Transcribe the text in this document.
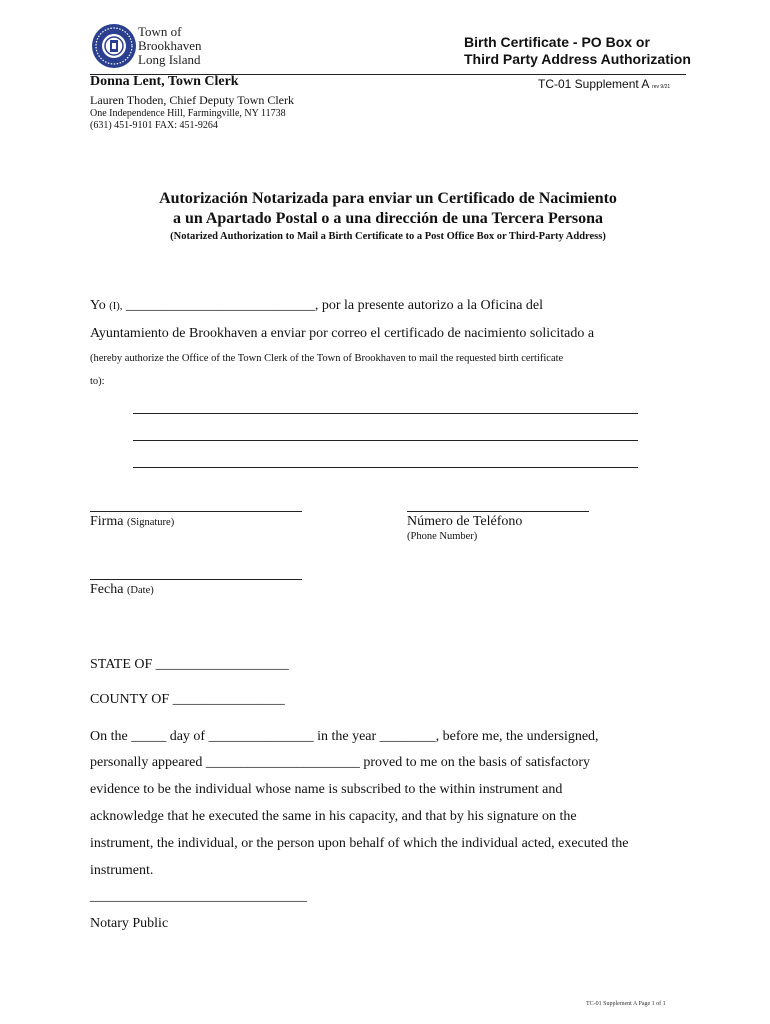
Town of
Brookhaven
Long Island
Birth Certificate - PO Box or
Third Party Address Authorization
Donna Lent, Town Clerk	TC-01 Supplement A rev 9/21
Lauren Thoden, Chief Deputy Town Clerk
One Independence Hill, Farmingville, NY 11738
(631) 451-9101 FAX: 451-9264
Autorización Notarizada para enviar un Certificado de Nacimiento
a un Apartado Postal o a una dirección de una Tercera Persona
(Notarized Authorization to Mail a Birth Certificate to a Post Office Box or Third-Party Address)
Yo (I), ___________________________, por la presente autorizo a la Oficina del
Ayuntamiento de Brookhaven a enviar por correo el certificado de nacimiento solicitado a
(hereby authorize the Office of the Town Clerk of the Town of Brookhaven to mail the requested birth certificate
to):
Firma (Signature)	Número de Teléfono
(Phone Number)
Fecha (Date)
STATE OF ___________________
COUNTY OF ________________
On the _____ day of _______________ in the year ________, before me, the undersigned,
personally appeared ______________________ proved to me on the basis of satisfactory
evidence to be the individual whose name is subscribed to the within instrument and
acknowledge that he executed the same in his capacity, and that by his signature on the
instrument, the individual, or the person upon behalf of which the individual acted, executed the
instrument.
_______________________________
Notary Public
TC-01 Supplement A Page 1 of 1
